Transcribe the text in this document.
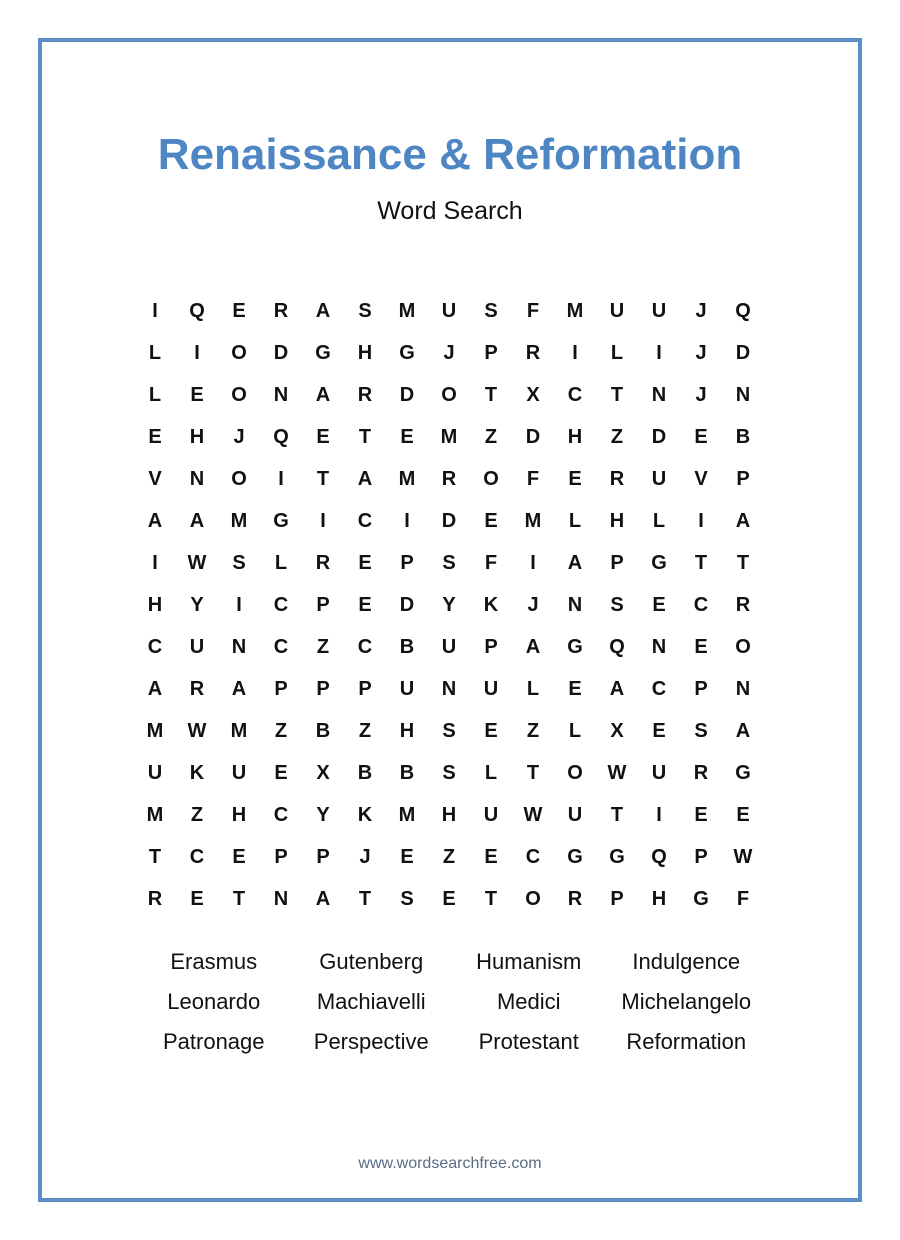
Renaissance & Reformation
Word Search
I	Q	E	R	A	S	M	U	S	F	M	U	U	J	Q
L	I	O	D	G	H	G	J	P	R	I	L	I	J	D
L	E	O	N	A	R	D	O	T	X	C	T	N	J	N
E	H	J	Q	E	T	E	M	Z	D	H	Z	D	E	B
V	N	O	I	T	A	M	R	O	F	E	R	U	V	P
A	A	M	G	I	C	I	D	E	M	L	H	L	I	A
I	W	S	L	R	E	P	S	F	I	A	P	G	T	T
H	Y	I	C	P	E	D	Y	K	J	N	S	E	C	R
C	U	N	C	Z	C	B	U	P	A	G	Q	N	E	O
A	R	A	P	P	P	U	N	U	L	E	A	C	P	N
M	W	M	Z	B	Z	H	S	E	Z	L	X	E	S	A
U	K	U	E	X	B	B	S	L	T	O	W	U	R	G
M	Z	H	C	Y	K	M	H	U	W	U	T	I	E	E
T	C	E	P	P	J	E	Z	E	C	G	G	Q	P	W
R	E	T	N	A	T	S	E	T	O	R	P	H	G	F
Erasmus	Gutenberg	Humanism	Indulgence
Leonardo	Machiavelli	Medici	Michelangelo
Patronage	Perspective	Protestant	Reformation
www.wordsearchfree.com
